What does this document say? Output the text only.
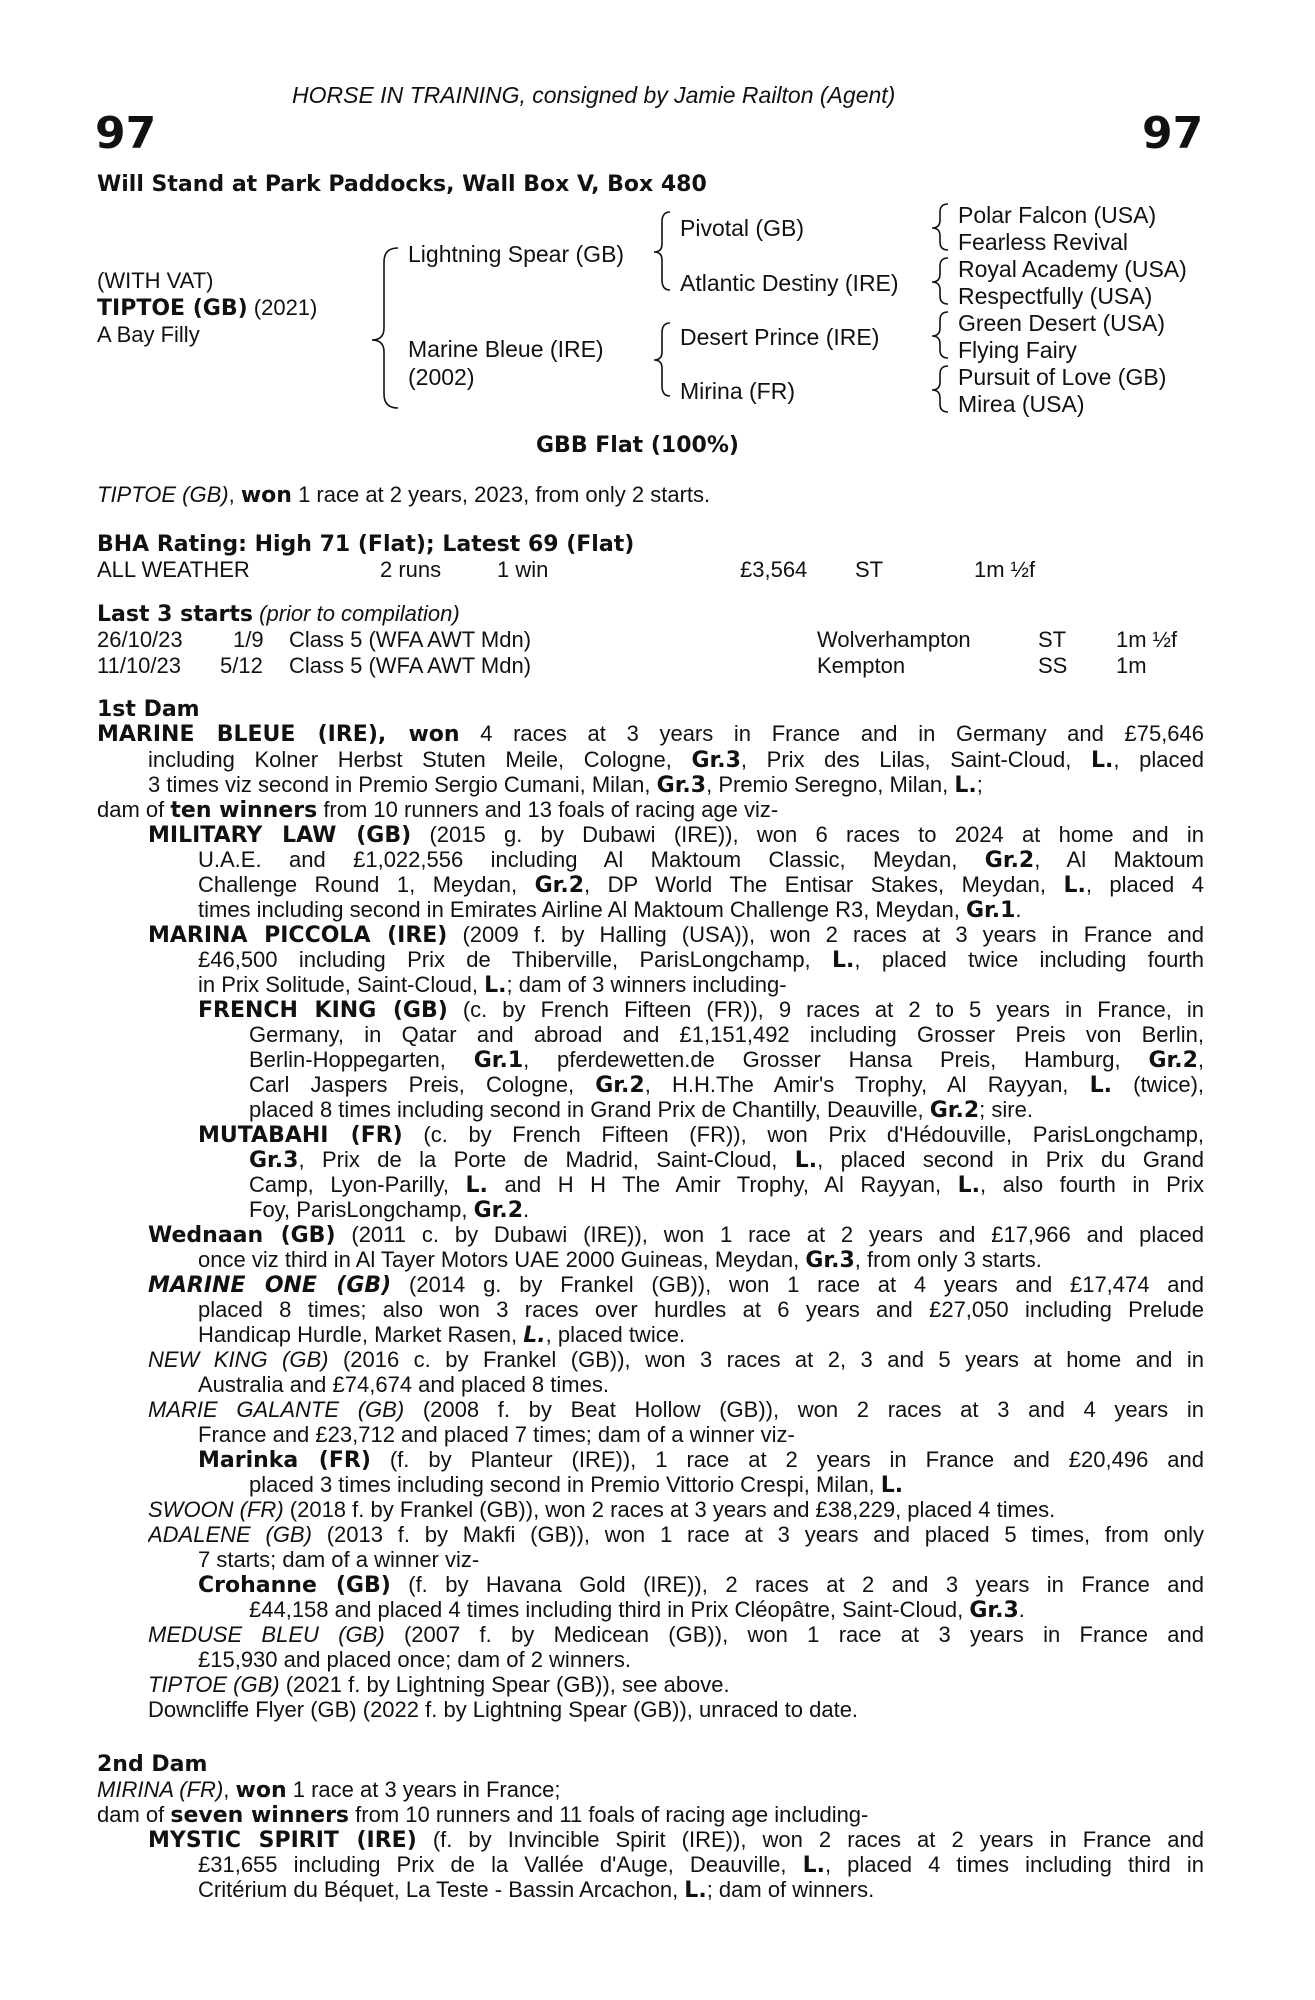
HORSE IN TRAINING, consigned by Jamie Railton (Agent)
97	97
Will Stand at Park Paddocks, Wall Box V, Box 480
(WITH VAT)
TIPTOE (GB) (2021)
A Bay Filly
Lightning Spear (GB)
Marine Bleue (IRE)
(2002)
Pivotal (GB)
Atlantic Destiny (IRE)
Desert Prince (IRE)
Mirina (FR)
Polar Falcon (USA)
Fearless Revival
Royal Academy (USA)
Respectfully (USA)
Green Desert (USA)
Flying Fairy
Pursuit of Love (GB)
Mirea (USA)
GBB Flat (100%)
TIPTOE (GB), won 1 race at 2 years, 2023, from only 2 starts.
BHA Rating: High 71 (Flat); Latest 69 (Flat)
ALL WEATHER	2 runs	1 win	£3,564 ST	1m ½f
Last 3 starts (prior to compilation)
26/10/23 1/9 Class 5 (WFA AWT Mdn)	Wolverhampton	ST 1m ½f
11/10/23 5/12 Class 5 (WFA AWT Mdn)	Kempton	SS 1m
1st Dam
MARINE BLEUE (IRE), won 4 races at 3 years in France and in Germany and £75,646
including Kolner Herbst Stuten Meile, Cologne, Gr.3, Prix des Lilas, Saint-Cloud, L., placed
3 times viz second in Premio Sergio Cumani, Milan, Gr.3, Premio Seregno, Milan, L.;
dam of ten winners from 10 runners and 13 foals of racing age viz-
MILITARY LAW (GB) (2015 g. by Dubawi (IRE)), won 6 races to 2024 at home and in
U.A.E. and £1,022,556 including Al Maktoum Classic, Meydan, Gr.2, Al Maktoum
Challenge Round 1, Meydan, Gr.2, DP World The Entisar Stakes, Meydan, L., placed 4
times including second in Emirates Airline Al Maktoum Challenge R3, Meydan, Gr.1.
MARINA PICCOLA (IRE) (2009 f. by Halling (USA)), won 2 races at 3 years in France and
£46,500 including Prix de Thiberville, ParisLongchamp, L., placed twice including fourth
in Prix Solitude, Saint-Cloud, L.; dam of 3 winners including-
FRENCH KING (GB) (c. by French Fifteen (FR)), 9 races at 2 to 5 years in France, in
Germany, in Qatar and abroad and £1,151,492 including Grosser Preis von Berlin,
Berlin-Hoppegarten, Gr.1, pferdewetten.de Grosser Hansa Preis, Hamburg, Gr.2,
Carl Jaspers Preis, Cologne, Gr.2, H.H.The Amir's Trophy, Al Rayyan, L. (twice),
placed 8 times including second in Grand Prix de Chantilly, Deauville, Gr.2; sire.
MUTABAHI (FR) (c. by French Fifteen (FR)), won Prix d'Hédouville, ParisLongchamp,
Gr.3, Prix de la Porte de Madrid, Saint-Cloud, L., placed second in Prix du Grand
Camp, Lyon-Parilly, L. and H H The Amir Trophy, Al Rayyan, L., also fourth in Prix
Foy, ParisLongchamp, Gr.2.
Wednaan (GB) (2011 c. by Dubawi (IRE)), won 1 race at 2 years and £17,966 and placed
once viz third in Al Tayer Motors UAE 2000 Guineas, Meydan, Gr.3, from only 3 starts.
MARINE ONE (GB) (2014 g. by Frankel (GB)), won 1 race at 4 years and £17,474 and
placed 8 times; also won 3 races over hurdles at 6 years and £27,050 including Prelude
Handicap Hurdle, Market Rasen, L., placed twice.
NEW KING (GB) (2016 c. by Frankel (GB)), won 3 races at 2, 3 and 5 years at home and in
Australia and £74,674 and placed 8 times.
MARIE GALANTE (GB) (2008 f. by Beat Hollow (GB)), won 2 races at 3 and 4 years in
France and £23,712 and placed 7 times; dam of a winner viz-
Marinka (FR) (f. by Planteur (IRE)), 1 race at 2 years in France and £20,496 and
placed 3 times including second in Premio Vittorio Crespi, Milan, L.
SWOON (FR) (2018 f. by Frankel (GB)), won 2 races at 3 years and £38,229, placed 4 times.
ADALENE (GB) (2013 f. by Makfi (GB)), won 1 race at 3 years and placed 5 times, from only
7 starts; dam of a winner viz-
Crohanne (GB) (f. by Havana Gold (IRE)), 2 races at 2 and 3 years in France and
£44,158 and placed 4 times including third in Prix Cléopâtre, Saint-Cloud, Gr.3.
MEDUSE BLEU (GB) (2007 f. by Medicean (GB)), won 1 race at 3 years in France and
£15,930 and placed once; dam of 2 winners.
TIPTOE (GB) (2021 f. by Lightning Spear (GB)), see above.
Downcliffe Flyer (GB) (2022 f. by Lightning Spear (GB)), unraced to date.
2nd Dam
MIRINA (FR), won 1 race at 3 years in France;
dam of seven winners from 10 runners and 11 foals of racing age including-
MYSTIC SPIRIT (IRE) (f. by Invincible Spirit (IRE)), won 2 races at 2 years in France and
£31,655 including Prix de la Vallée d'Auge, Deauville, L., placed 4 times including third in
Critérium du Béquet, La Teste - Bassin Arcachon, L.; dam of winners.
